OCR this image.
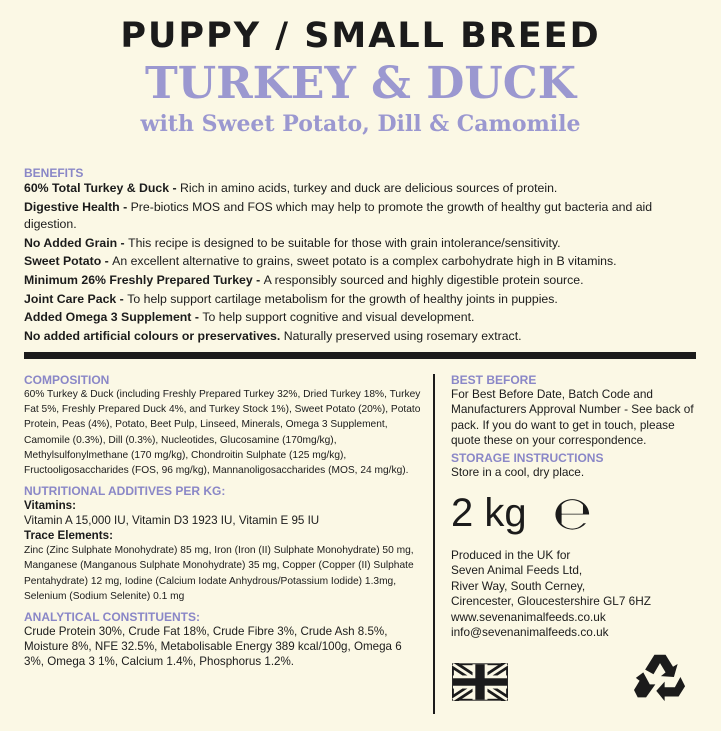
PUPPY / SMALL BREED
TURKEY & DUCK
with Sweet Potato, Dill & Camomile
BENEFITS

60% Total Turkey & Duck - Rich in amino acids, turkey and duck are delicious sources of protein.

Digestive Health - Pre-biotics MOS and FOS which may help to promote the growth of healthy gut bacteria and aid digestion.

No Added Grain - This recipe is designed to be suitable for those with grain intolerance/sensitivity.

Sweet Potato - An excellent alternative to grains, sweet potato is a complex carbohydrate high in B vitamins.

Minimum 26% Freshly Prepared Turkey - A responsibly sourced and highly digestible protein source.

Joint Care Pack - To help support cartilage metabolism for the growth of healthy joints in puppies.

Added Omega 3 Supplement - To help support cognitive and visual development.

No added artificial colours or preservatives. Naturally preserved using rosemary extract.

COMPOSITION
60% Turkey & Duck (including Freshly Prepared Turkey 32%, Dried Turkey 18%, Turkey Fat 5%, Freshly Prepared Duck 4%, and Turkey Stock 1%), Sweet Potato (20%), Potato Protein, Peas (4%), Potato, Beet Pulp, Linseed, Minerals, Omega 3 Supplement, Camomile (0.3%), Dill (0.3%), Nucleotides, Glucosamine (170mg/kg), Methylsulfonylmethane (170 mg/kg), Chondroitin Sulphate (125 mg/kg), Fructooligosaccharides (FOS, 96 mg/kg), Mannanoligosaccharides (MOS, 24 mg/kg).
NUTRITIONAL ADDITIVES PER KG:
Vitamins:
Vitamin A 15,000 IU, Vitamin D3 1923 IU, Vitamin E 95 IU
Trace Elements:
Zinc (Zinc Sulphate Monohydrate) 85 mg, Iron (Iron (II) Sulphate Monohydrate) 50 mg, Manganese (Manganous Sulphate Monohydrate) 35 mg, Copper (Copper (II) Sulphate Pentahydrate) 12 mg, Iodine (Calcium Iodate Anhydrous/Potassium Iodide) 1.3mg, Selenium (Sodium Selenite) 0.1 mg
ANALYTICAL CONSTITUENTS:
Crude Protein 30%, Crude Fat 18%, Crude Fibre 3%, Crude Ash 8.5%, Moisture 8%, NFE 32.5%, Metabolisable Energy 389 kcal/100g, Omega 6 3%, Omega 3 1%, Calcium 1.4%, Phosphorus 1.2%.
BEST BEFORE
For Best Before Date, Batch Code and Manufacturers Approval Number - See back of pack. If you do want to get in touch, please quote these on your correspondence.
STORAGE INSTRUCTIONS
Store in a cool, dry place.
2 kg ℮
Produced in the UK for
Seven Animal Feeds Ltd,
River Way, South Cerney,
Cirencester, Gloucestershire GL7 6HZ
www.sevenanimalfeeds.co.uk
info@sevenanimalfeeds.co.uk
